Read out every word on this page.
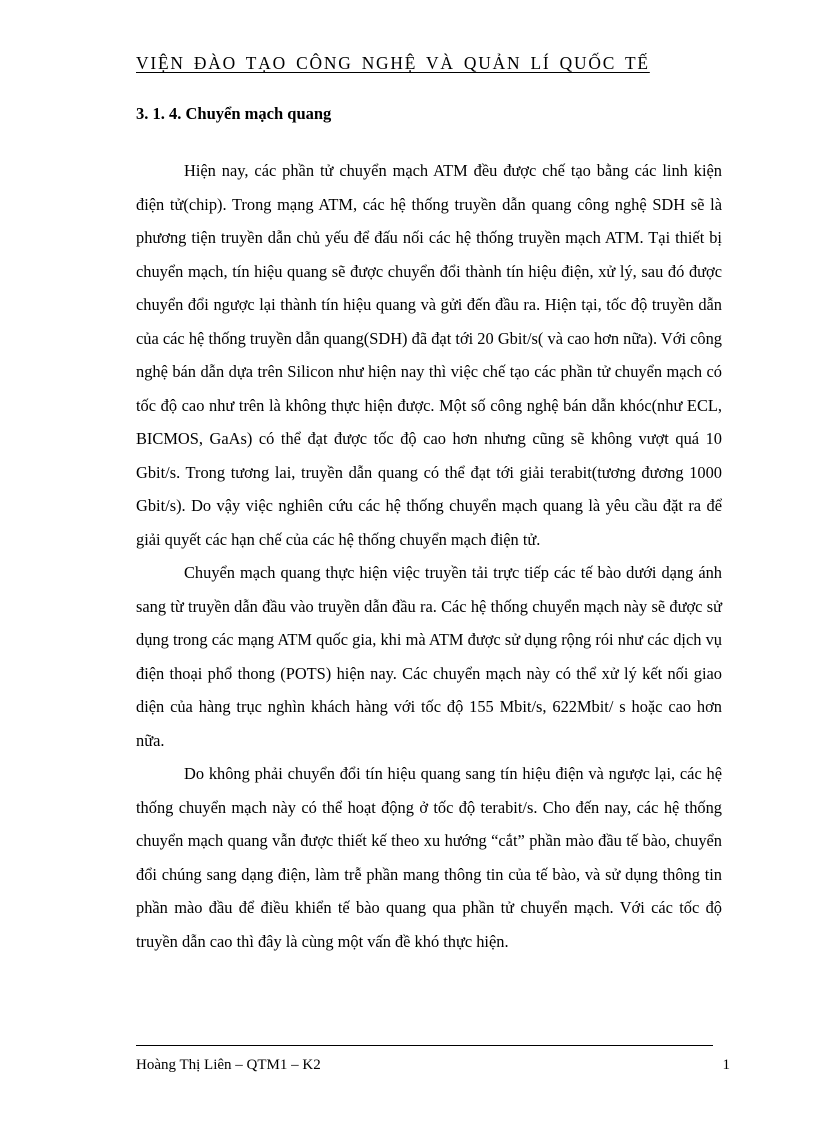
VIỆN ĐÀO TẠO CÔNG NGHỆ VÀ QUẢN LÍ QUỐC TẾ
3. 1. 4. Chuyển mạch quang

Hiện nay, các phần tử chuyển mạch ATM đều được chế tạo bằng các linh kiện điện tử(chip). Trong mạng ATM, các hệ thống truyền dẫn quang công nghệ SDH sẽ là phương tiện truyền dẫn chủ yếu để đấu nối các hệ thống truyền mạch ATM. Tại thiết bị chuyển mạch, tín hiệu quang sẽ được chuyển đổi thành tín hiệu điện, xử lý, sau đó được chuyển đổi ngược lại thành tín hiệu quang và gửi đến đầu ra. Hiện tại, tốc độ truyền dẫn của các hệ thống truyền dẫn quang(SDH) đã đạt tới 20 Gbit/s( và cao hơn nữa). Với công nghệ bán dẫn dựa trên Silicon như hiện nay thì việc chế tạo các phần tử chuyển mạch có tốc độ cao như trên là không thực hiện được. Một số công nghệ bán dẫn khóc(như ECL, BICMOS, GaAs) có thể đạt được tốc độ cao hơn nhưng cũng sẽ không vượt quá 10 Gbit/s. Trong tương lai, truyền dẫn quang có thể đạt tới giải terabit(tương đương 1000 Gbit/s). Do vậy việc nghiên cứu các hệ thống chuyển mạch quang là yêu cầu đặt ra để giải quyết các hạn chế của các hệ thống chuyển mạch điện tử.

Chuyển mạch quang thực hiện việc truyền tải trực tiếp các tế bào dưới dạng ánh sang từ truyền dẫn đầu vào truyền dẫn đầu ra. Các hệ thống chuyển mạch này sẽ được sử dụng trong các mạng ATM quốc gia, khi mà ATM được sử dụng rộng rói như các dịch vụ điện thoại phổ thong (POTS) hiện nay. Các chuyển mạch này có thể xử lý kết nối giao diện của hàng trục nghìn khách hàng với tốc độ 155 Mbit/s, 622Mbit/ s hoặc cao hơn nữa.

Do không phải chuyển đổi tín hiệu quang sang tín hiệu điện và ngược lại, các hệ thống chuyển mạch này có thể hoạt động ở tốc độ terabit/s. Cho đến nay, các hệ thống chuyển mạch quang vẫn được thiết kế theo xu hướng “cắt” phần mào đầu tế bào, chuyển đổi chúng sang dạng điện, làm trễ phần mang thông tin của tế bào, và sử dụng thông tin phần mào đầu để điều khiển tế bào quang qua phần tử chuyển mạch. Với các tốc độ truyền dẫn cao thì đây là cùng một vấn đề khó thực hiện.

Hoàng Thị Liên – QTM1 – K2	1
